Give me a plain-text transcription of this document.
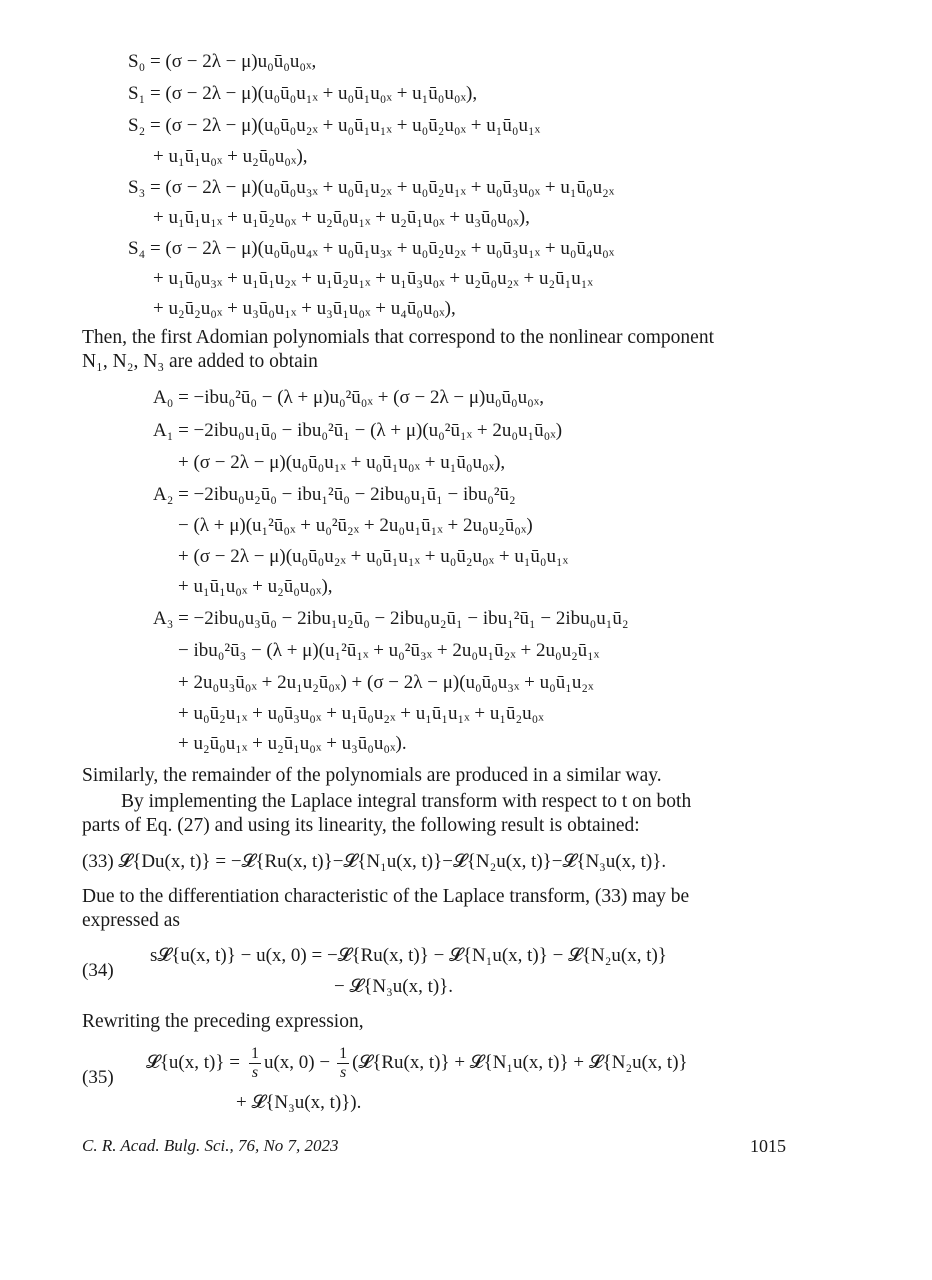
S₀ = (σ − 2λ − μ)u₀ū₀u₀ₓ,
S₁ = (σ − 2λ − μ)(u₀ū₀u₁ₓ + u₀ū₁u₀ₓ + u₁ū₀u₀ₓ),
S₂ = (σ − 2λ − μ)(u₀ū₀u₂ₓ + u₀ū₁u₁ₓ + u₀ū₂u₀ₓ + u₁ū₀u₁ₓ
+ u₁ū₁u₀ₓ + u₂ū₀u₀ₓ),
S₃ = (σ − 2λ − μ)(u₀ū₀u₃ₓ + u₀ū₁u₂ₓ + u₀ū₂u₁ₓ + u₀ū₃u₀ₓ + u₁ū₀u₂ₓ
+ u₁ū₁u₁ₓ + u₁ū₂u₀ₓ + u₂ū₀u₁ₓ + u₂ū₁u₀ₓ + u₃ū₀u₀ₓ),
S₄ = (σ − 2λ − μ)(u₀ū₀u₄ₓ + u₀ū₁u₃ₓ + u₀ū₂u₂ₓ + u₀ū₃u₁ₓ + u₀ū₄u₀ₓ
+ u₁ū₀u₃ₓ + u₁ū₁u₂ₓ + u₁ū₂u₁ₓ + u₁ū₃u₀ₓ + u₂ū₀u₂ₓ + u₂ū₁u₁ₓ
+ u₂ū₂u₀ₓ + u₃ū₀u₁ₓ + u₃ū₁u₀ₓ + u₄ū₀u₀ₓ),
Then, the first Adomian polynomials that correspond to the nonlinear component
N₁, N₂, N₃ are added to obtain
A₀ = −ibu₀²ū₀ − (λ + μ)u₀²ū₀ₓ + (σ − 2λ − μ)u₀ū₀u₀ₓ,
A₁ = −2ibu₀u₁ū₀ − ibu₀²ū₁ − (λ + μ)(u₀²ū₁ₓ + 2u₀u₁ū₀ₓ)
+ (σ − 2λ − μ)(u₀ū₀u₁ₓ + u₀ū₁u₀ₓ + u₁ū₀u₀ₓ),
A₂ = −2ibu₀u₂ū₀ − ibu₁²ū₀ − 2ibu₀u₁ū₁ − ibu₀²ū₂
− (λ + μ)(u₁²ū₀ₓ + u₀²ū₂ₓ + 2u₀u₁ū₁ₓ + 2u₀u₂ū₀ₓ)
+ (σ − 2λ − μ)(u₀ū₀u₂ₓ + u₀ū₁u₁ₓ + u₀ū₂u₀ₓ + u₁ū₀u₁ₓ
+ u₁ū₁u₀ₓ + u₂ū₀u₀ₓ),
A₃ = −2ibu₀u₃ū₀ − 2ibu₁u₂ū₀ − 2ibu₀u₂ū₁ − ibu₁²ū₁ − 2ibu₀u₁ū₂
− ibu₀²ū₃ − (λ + μ)(u₁²ū₁ₓ + u₀²ū₃ₓ + 2u₀u₁ū₂ₓ + 2u₀u₂ū₁ₓ
+ 2u₀u₃ū₀ₓ + 2u₁u₂ū₀ₓ) + (σ − 2λ − μ)(u₀ū₀u₃ₓ + u₀ū₁u₂ₓ
+ u₀ū₂u₁ₓ + u₀ū₃u₀ₓ + u₁ū₀u₂ₓ + u₁ū₁u₁ₓ + u₁ū₂u₀ₓ
+ u₂ū₀u₁ₓ + u₂ū₁u₀ₓ + u₃ū₀u₀ₓ).
Similarly, the remainder of the polynomials are produced in a similar way.
By implementing the Laplace integral transform with respect to t on both
parts of Eq. (27) and using its linearity, the following result is obtained:
(33) 𝓛{Du(x, t)} = −𝓛{Ru(x, t)}−𝓛{N₁u(x, t)}−𝓛{N₂u(x, t)}−𝓛{N₃u(x, t)}.
Due to the differentiation characteristic of the Laplace transform, (33) may be
expressed as
(34)
s𝓛{u(x, t)} − u(x, 0) = −𝓛{Ru(x, t)} − 𝓛{N₁u(x, t)} − 𝓛{N₂u(x, t)}
− 𝓛{N₃u(x, t)}.
Rewriting the preceding expression,
(35)
𝓛{u(x, $t)\} = \frac{1}{s} u(x$, $0) - \frac{1}{s}$ (𝓛{Ru(x, t)} + 𝓛{N₁u(x, t)} + 𝓛{N₂u(x, t)}
+ 𝓛{N₃u(x, t)}).
C. R. Acad. Bulg. Sci., 76, No 7, 2023	1015
